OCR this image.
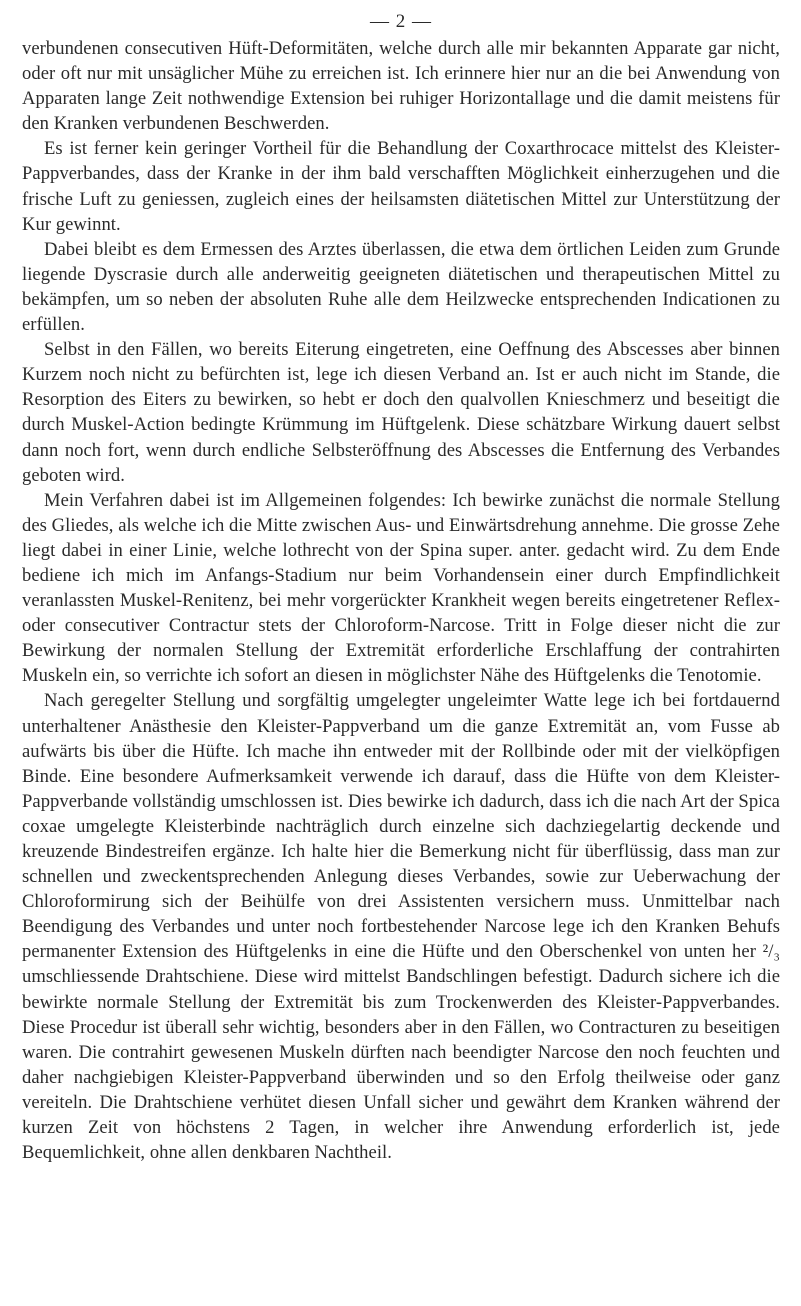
— 2 —

verbundenen consecutiven Hüft-Deformitäten, welche durch alle mir bekannten Apparate gar nicht, oder oft nur mit unsäglicher Mühe zu erreichen ist. Ich erinnere hier nur an die bei Anwendung von Apparaten lange Zeit nothwendige Extension bei ruhiger Horizontallage und die damit meistens für den Kranken verbundenen Beschwerden.

Es ist ferner kein geringer Vortheil für die Behandlung der Coxarthrocace mittelst des Kleister-Pappverbandes, dass der Kranke in der ihm bald verschafften Möglichkeit einherzugehen und die frische Luft zu geniessen, zugleich eines der heilsamsten diätetischen Mittel zur Unterstützung der Kur gewinnt.

Dabei bleibt es dem Ermessen des Arztes überlassen, die etwa dem örtlichen Leiden zum Grunde liegende Dyscrasie durch alle anderweitig geeigneten diätetischen und therapeutischen Mittel zu bekämpfen, um so neben der absoluten Ruhe alle dem Heilzwecke entsprechenden Indicationen zu erfüllen.

Selbst in den Fällen, wo bereits Eiterung eingetreten, eine Oeffnung des Abscesses aber binnen Kurzem noch nicht zu befürchten ist, lege ich diesen Verband an. Ist er auch nicht im Stande, die Resorption des Eiters zu bewirken, so hebt er doch den qualvollen Knieschmerz und beseitigt die durch Muskel-Action bedingte Krümmung im Hüftgelenk. Diese schätzbare Wirkung dauert selbst dann noch fort, wenn durch endliche Selbsteröffnung des Abscesses die Entfernung des Verbandes geboten wird.

Mein Verfahren dabei ist im Allgemeinen folgendes: Ich bewirke zunächst die normale Stellung des Gliedes, als welche ich die Mitte zwischen Aus- und Einwärtsdrehung annehme. Die grosse Zehe liegt dabei in einer Linie, welche lothrecht von der Spina super. anter. gedacht wird. Zu dem Ende bediene ich mich im Anfangs-Stadium nur beim Vorhandensein einer durch Empfindlichkeit veranlassten Muskel-Renitenz, bei mehr vorgerückter Krankheit wegen bereits eingetretener Reflex- oder consecutiver Contractur stets der Chloroform-Narcose. Tritt in Folge dieser nicht die zur Bewirkung der normalen Stellung der Extremität erforderliche Erschlaffung der contrahirten Muskeln ein, so verrichte ich sofort an diesen in möglichster Nähe des Hüftgelenks die Tenotomie.

Nach geregelter Stellung und sorgfältig umgelegter ungeleimter Watte lege ich bei fortdauernd unterhaltener Anästhesie den Kleister-Pappverband um die ganze Extremität an, vom Fusse ab aufwärts bis über die Hüfte. Ich mache ihn entweder mit der Rollbinde oder mit der vielköpfigen Binde. Eine besondere Aufmerksamkeit verwende ich darauf, dass die Hüfte von dem Kleister-Pappverbande vollständig umschlossen ist. Dies bewirke ich dadurch, dass ich die nach Art der Spica coxae umgelegte Kleisterbinde nachträglich durch einzelne sich dachziegelartig deckende und kreuzende Bindestreifen ergänze. Ich halte hier die Bemerkung nicht für überflüssig, dass man zur schnellen und zweckentsprechenden Anlegung dieses Verbandes, sowie zur Ueberwachung der Chloroformirung sich der Beihülfe von drei Assistenten versichern muss. Unmittelbar nach Beendigung des Verbandes und unter noch fortbestehender Narcose lege ich den Kranken Behufs permanenter Extension des Hüftgelenks in eine die Hüfte und den Oberschenkel von unten her ²/₃ umschliessende Drahtschiene. Diese wird mittelst Bandschlingen befestigt. Dadurch sichere ich die bewirkte normale Stellung der Extremität bis zum Trockenwerden des Kleister-Pappverbandes. Diese Procedur ist überall sehr wichtig, besonders aber in den Fällen, wo Contracturen zu beseitigen waren. Die contrahirt gewesenen Muskeln dürften nach beendigter Narcose den noch feuchten und daher nachgiebigen Kleister-Pappverband überwinden und so den Erfolg theilweise oder ganz vereiteln. Die Drahtschiene verhütet diesen Unfall sicher und gewährt dem Kranken während der kurzen Zeit von höchstens 2 Tagen, in welcher ihre Anwendung erforderlich ist, jede Bequemlichkeit, ohne allen denkbaren Nachtheil.
